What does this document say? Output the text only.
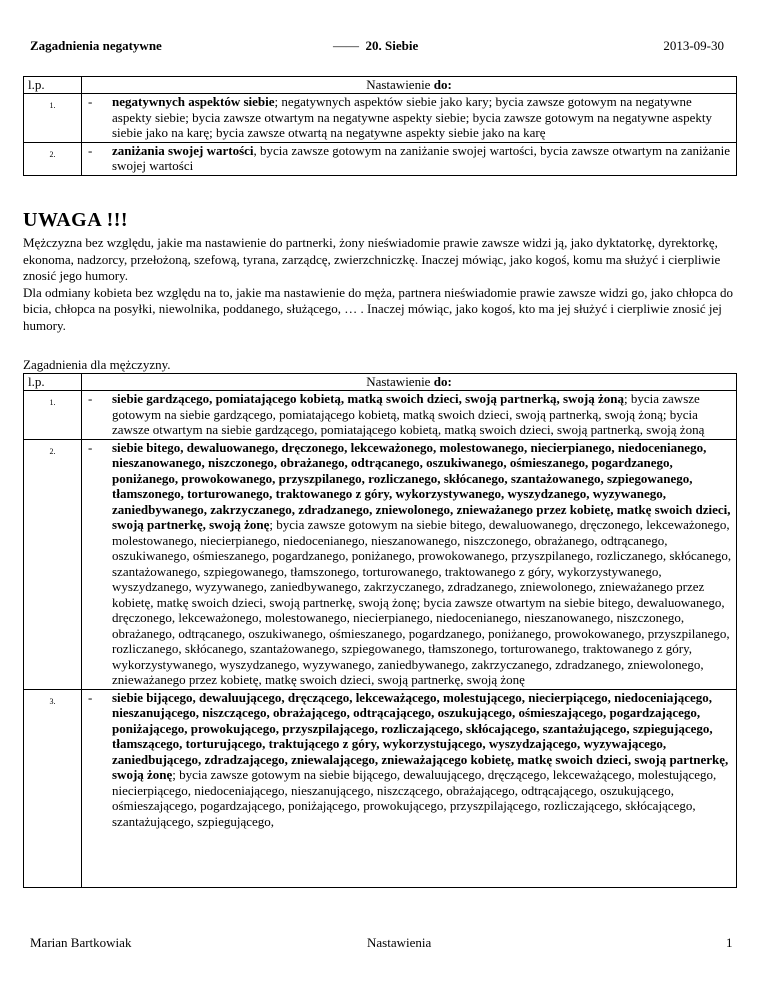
Zagadnienia negatywne	—— 20. Siebie	2013-09-30
l.p.	Nastawienie do:	
1.	-	negatywnych aspektów siebie; negatywnych aspektów siebie jako kary; bycia zawsze gotowym na negatywne aspekty siebie; bycia zawsze otwartym na negatywne aspekty siebie; bycia zawsze gotowym na negatywne aspekty siebie jako na karę; bycia zawsze otwartą na negatywne aspekty siebie jako na karę
2.	-	zaniżania swojej wartości, bycia zawsze gotowym na zaniżanie swojej wartości, bycia zawsze otwartym na zaniżanie swojej wartości
UWAGA !!!

Mężczyzna bez względu, jakie ma nastawienie do partnerki, żony nieświadomie prawie zawsze widzi ją, jako dyktatorkę, dyrektorkę, ekonoma, nadzorcy, przełożoną, szefową, tyrana, zarządcę, zwierzchniczkę. Inaczej mówiąc, jako kogoś, komu ma służyć i cierpliwie znosić jego humory.

Dla odmiany kobieta bez względu na to, jakie ma nastawienie do męża, partnera nieświadomie prawie zawsze widzi go, jako chłopca do bicia, chłopca na posyłki, niewolnika, poddanego, służącego, … . Inaczej mówiąc, jako kogoś, kto ma jej służyć i cierpliwie znosić jej humory.

Zagadnienia dla mężczyzny.
l.p.	Nastawienie do:	
1.	-	siebie gardzącego, pomiatającego kobietą, matką swoich dzieci, swoją partnerką, swoją żoną; bycia zawsze gotowym na siebie gardzącego, pomiatającego kobietą, matką swoich dzieci, swoją partnerką, swoją żoną; bycia zawsze otwartym na siebie gardzącego, pomiatającego kobietą, matką swoich dzieci, swoją partnerką, swoją żoną
2.	-	siebie bitego, dewaluowanego, dręczonego, lekceważonego, molestowanego, niecierpianego, niedocenianego, nieszanowanego, niszczonego, obrażanego, odtrącanego, oszukiwanego, ośmieszanego, pogardzanego, poniżanego, prowokowanego, przyszpilanego, rozliczanego, skłócanego, szantażowanego, szpiegowanego, tłamszonego, torturowanego, traktowanego z góry, wykorzystywanego, wyszydzanego, wyzywanego, zaniedbywanego, zakrzyczanego, zdradzanego, zniewolonego, znieważanego przez kobietę, matkę swoich dzieci, swoją partnerkę, swoją żonę; bycia zawsze gotowym na siebie bitego, dewaluowanego, dręczonego, lekceważonego, molestowanego, niecierpianego, niedocenianego, nieszanowanego, niszczonego, obrażanego, odtrącanego, oszukiwanego, ośmieszanego, pogardzanego, poniżanego, prowokowanego, przyszpilanego, rozliczanego, skłócanego, szantażowanego, szpiegowanego, tłamszonego, torturowanego, traktowanego z góry, wykorzystywanego, wyszydzanego, wyzywanego, zaniedbywanego, zakrzyczanego, zdradzanego, zniewolonego, znieważanego przez kobietę, matkę swoich dzieci, swoją partnerkę, swoją żonę; bycia zawsze otwartym na siebie bitego, dewaluowanego, dręczonego, lekceważonego, molestowanego, niecierpianego, niedocenianego, nieszanowanego, niszczonego, obrażanego, odtrącanego, oszukiwanego, ośmieszanego, pogardzanego, poniżanego, prowokowanego, przyszpilanego, rozliczanego, skłócanego, szantażowanego, szpiegowanego, tłamszonego, torturowanego, traktowanego z góry, wykorzystywanego, wyszydzanego, wyzywanego, zaniedbywanego, zakrzyczanego, zdradzanego, zniewolonego, znieważanego przez kobietę, matkę swoich dzieci, swoją partnerkę, swoją żonę
3.	-	siebie bijącego, dewaluującego, dręczącego, lekceważącego, molestującego, niecierpiącego, niedoceniającego, nieszanującego, niszczącego, obrażającego, odtrącającego, oszukującego, ośmieszającego, pogardzającego, poniżającego, prowokującego, przyszpilającego, rozliczającego, skłócającego, szantażującego, szpiegującego, tłamszącego, torturującego, traktującego z góry, wykorzystującego, wyszydzającego, wyzywającego, zaniedbującego, zdradzającego, zniewalającego, znieważającego kobietę, matkę swoich dzieci, swoją partnerkę, swoją żonę; bycia zawsze gotowym na siebie bijącego, dewaluującego, dręczącego, lekceważącego, molestującego, niecierpiącego, niedoceniającego, nieszanującego, niszczącego, obrażającego, odtrącającego, oszukującego, ośmieszającego, pogardzającego, poniżającego, prowokującego, przyszpilającego, rozliczającego, skłócającego, szantażującego, szpiegującego,
Marian Bartkowiak	Nastawienia	1
